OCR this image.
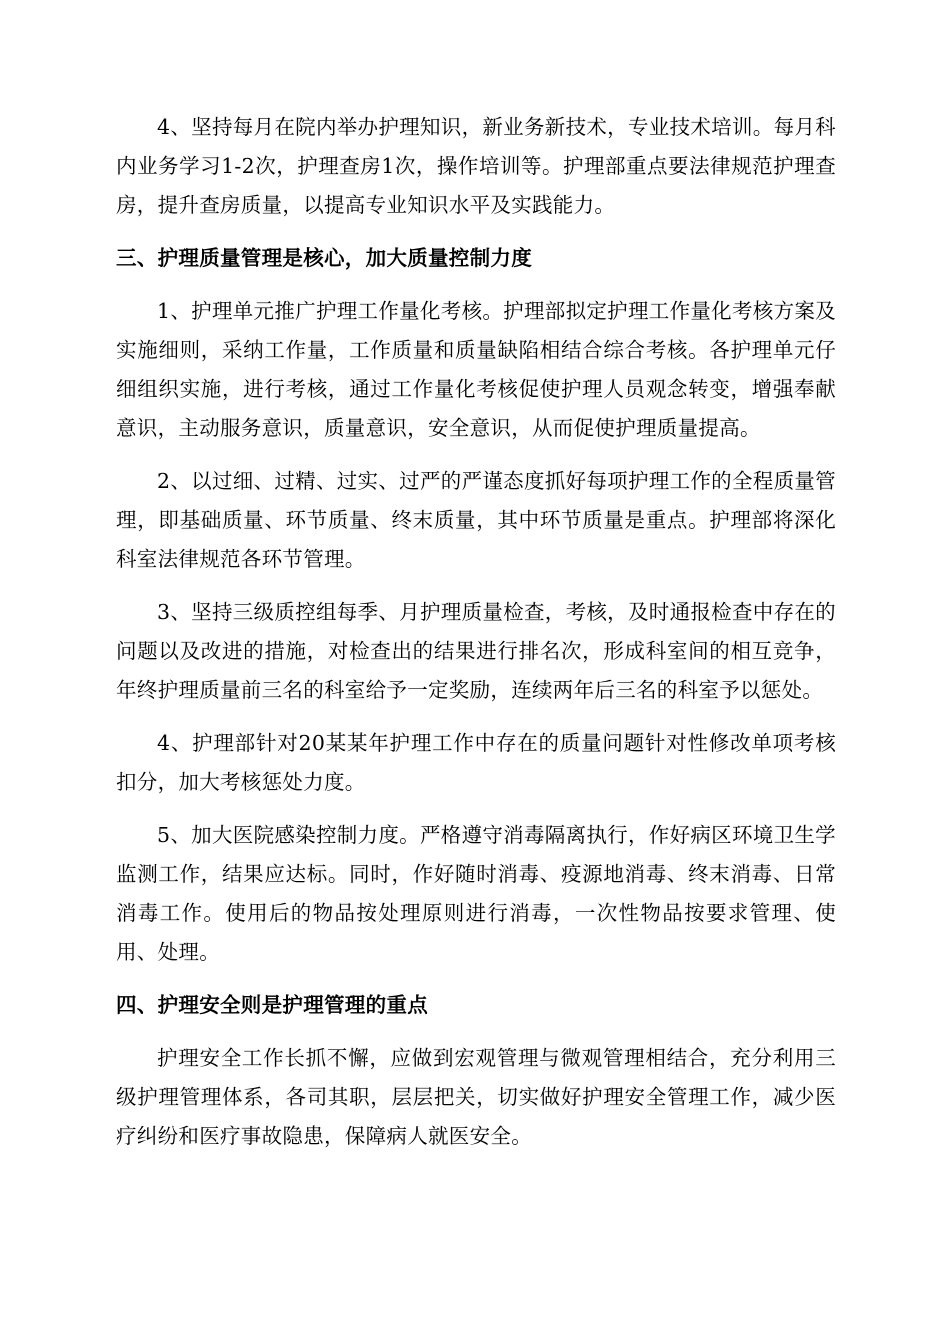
4、坚持每月在院内举办护理知识，新业务新技术，专业技术培训。每月科内业务学习1-2次，护理查房1次，操作培训等。护理部重点要法律规范护理查房，提升查房质量，以提高专业知识水平及实践能力。

三、护理质量管理是核心，加大质量控制力度

1、护理单元推广护理工作量化考核。护理部拟定护理工作量化考核方案及实施细则，采纳工作量，工作质量和质量缺陷相结合综合考核。各护理单元仔细组织实施，进行考核，通过工作量化考核促使护理人员观念转变，增强奉献意识，主动服务意识，质量意识，安全意识，从而促使护理质量提高。

2、以过细、过精、过实、过严的严谨态度抓好每项护理工作的全程质量管理，即基础质量、环节质量、终末质量，其中环节质量是重点。护理部将深化科室法律规范各环节管理。

3、坚持三级质控组每季、月护理质量检查，考核，及时通报检查中存在的问题以及改进的措施，对检查出的结果进行排名次，形成科室间的相互竞争，年终护理质量前三名的科室给予一定奖励，连续两年后三名的科室予以惩处。

4、护理部针对20某某年护理工作中存在的质量问题针对性修改单项考核扣分，加大考核惩处力度。

5、加大医院感染控制力度。严格遵守消毒隔离执行，作好病区环境卫生学监测工作，结果应达标。同时，作好随时消毒、疫源地消毒、终末消毒、日常消毒工作。使用后的物品按处理原则进行消毒，一次性物品按要求管理、使用、处理。

四、护理安全则是护理管理的重点

护理安全工作长抓不懈，应做到宏观管理与微观管理相结合，充分利用三级护理管理体系，各司其职，层层把关，切实做好护理安全管理工作，减少医疗纠纷和医疗事故隐患，保障病人就医安全。
